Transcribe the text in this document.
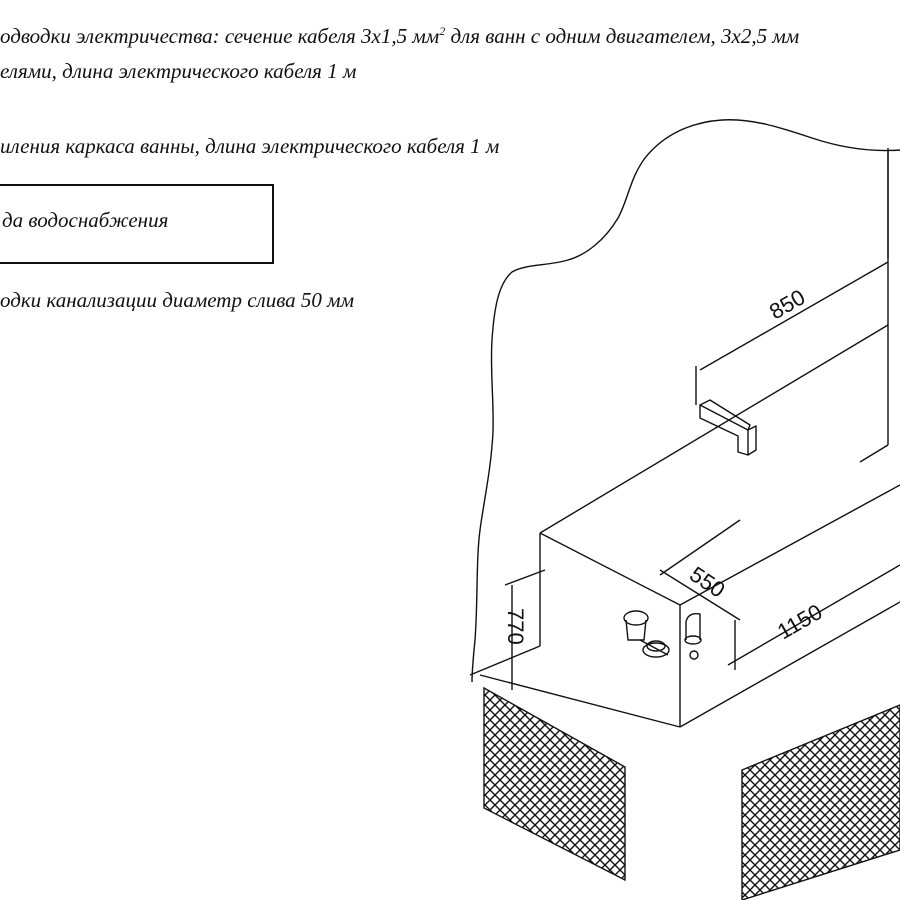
одводки электричества: сечение кабеля 3x1,5 $мм^2$ для ванн с одним двигателем, 3x2,5 мм

елями, длина электрического кабеля 1 м

иления каркаса ванны, длина электрического кабеля 1 м

да водоснабжения

одки канализации диаметр слива 50 мм	850
550
1150
770
